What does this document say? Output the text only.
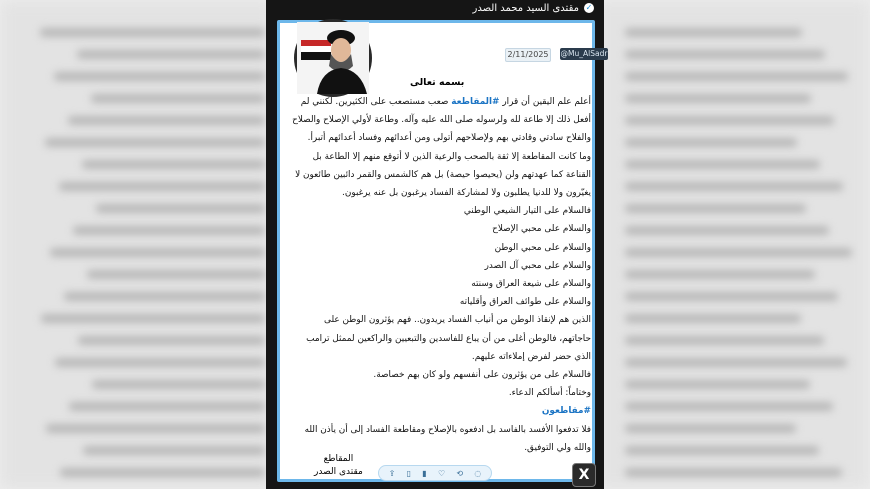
مقتدى السيد محمد الصدر ✓
2/11/2025	@Mu_AlSadr
بسمه تعالى

أعلم علم اليقين أن قرار #المقاطعة صعب مستصعب على الكثيرين. لكنني لم أفعل ذلك إلا طاعة لله ولرسوله صلى الله عليه وآله. وطاعة لأولي الإصلاح والصلاح والفلاح سادتي وقادتي بهم ولإصلاحهم أتولى ومن أعدائهم وفساد أعدائهم أتبرأ.

وما كانت المقاطعة إلا ثقة بالصحب والرعية الذين لا أتوقع منهم إلا الطاعة بل القناعة كما عهدتهم ولن (يحيصوا حيصة) بل هم كالشمس والقمر دائبين طائعون لا يغيّرون ولا للدنيا يطلبون ولا لمشاركة الفساد يرغبون بل عنه يرغبون.

فالسلام على التيار الشيعي الوطني

والسلام على محبي الإصلاح

والسلام على محبي الوطن

والسلام على محبي آل الصدر

والسلام على شيعة العراق وسنته

والسلام على طوائف العراق وأقلياته

الذين هم لإنقاذ الوطن من أنياب الفساد يريدون.. فهم يؤثرون الوطن على حاجاتهم، فالوطن أغلى من أن يباع للفاسدين والتبعيين والراكعين لممثل ترامب الذي حضر لفرض إملاءاته عليهم.

فالسلام على من يؤثرون على أنفسهم ولو كان بهم خصاصة.

وختاماً: أسألكم الدعاء.

#مقاطعون

فلا تدفعوا الأفسد بالفاسد بل ادفعوه بالإصلاح ومقاطعة الفساد إلى أن يأذن الله والله ولي التوفيق.

المقاطع
مقتدى الصدر	⇪ ▯ ▮ ♡ ⟲ ◌	X
